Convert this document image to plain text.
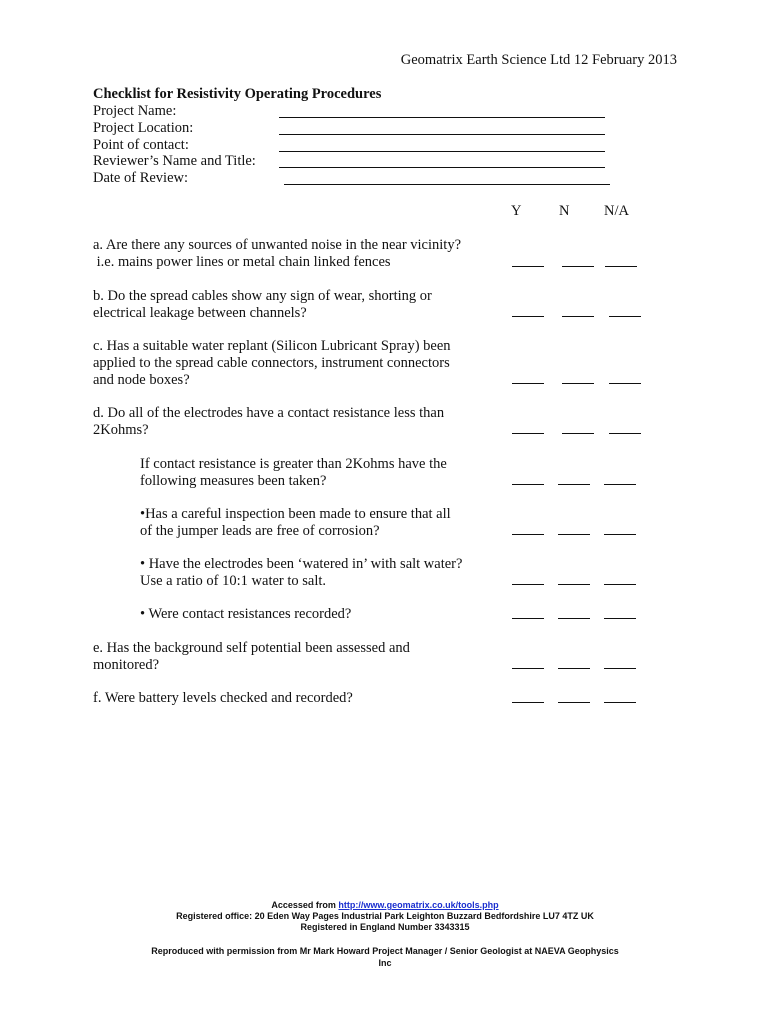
Geomatrix Earth Science Ltd 12 February 2013
Checklist for Resistivity Operating Procedures
Project Name:
Project Location:
Point of contact:
Reviewer’s Name and Title:
Date of Review:
Y	N N/A
a. Are there any sources of unwanted noise in the near vicinity?
i.e. mains power lines or metal chain linked fences
b. Do the spread cables show any sign of wear, shorting or
electrical leakage between channels?
c. Has a suitable water replant (Silicon Lubricant Spray) been
applied to the spread cable connectors, instrument connectors
and node boxes?
d. Do all of the electrodes have a contact resistance less than
2Kohms?
If contact resistance is greater than 2Kohms have the
following measures been taken?
•Has a careful inspection been made to ensure that all
of the jumper leads are free of corrosion?
• Have the electrodes been ‘watered in’ with salt water?
Use a ratio of 10:1 water to salt.
• Were contact resistances recorded?
e. Has the background self potential been assessed and
monitored?
f. Were battery levels checked and recorded?
Accessed from http://www.geomatrix.co.uk/tools.php
Registered office: 20 Eden Way Pages Industrial Park Leighton Buzzard Bedfordshire LU7 4TZ UK
Registered in England Number 3343315
Reproduced with permission from Mr Mark Howard Project Manager / Senior Geologist at NAEVA Geophysics
Inc
